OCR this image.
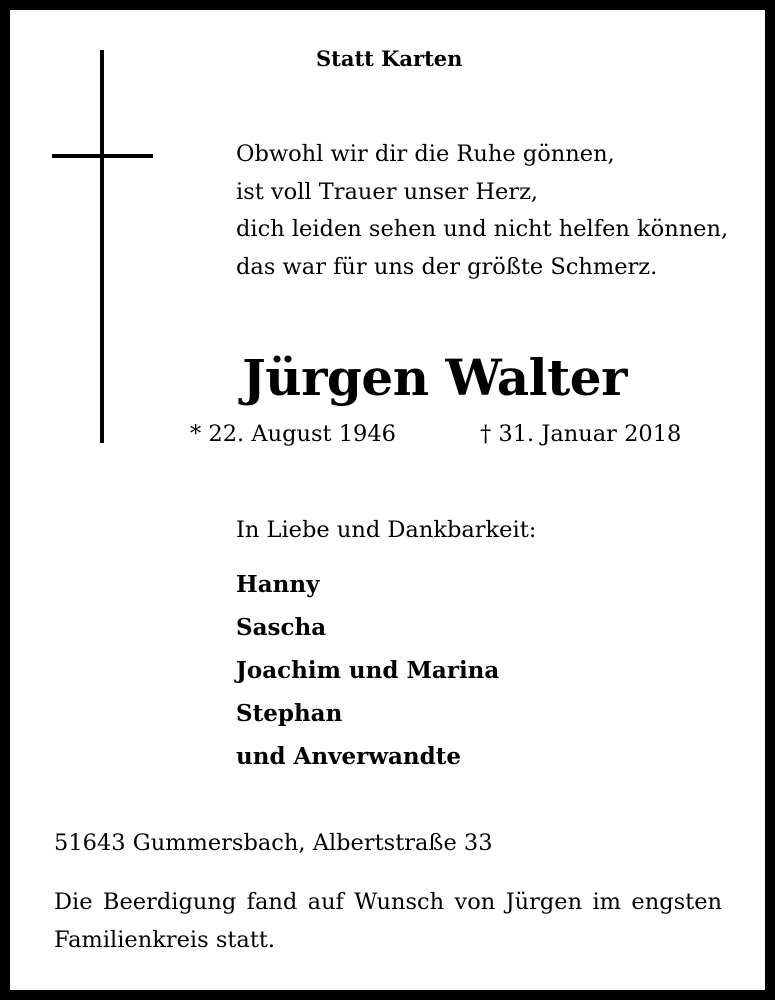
Statt Karten
Obwohl wir dir die Ruhe gönnen,
ist voll Trauer unser Herz,
dich leiden sehen und nicht helfen können,
das war für uns der größte Schmerz.
Jürgen Walter
* 22. August 1946	† 31. Januar 2018
In Liebe und Dankbarkeit:
Hanny
Sascha
Joachim und Marina
Stephan
und Anverwandte
51643 Gummersbach, Albertstraße 33
Die Beerdigung fand auf Wunsch von Jürgen im engsten Familienkreis statt.
